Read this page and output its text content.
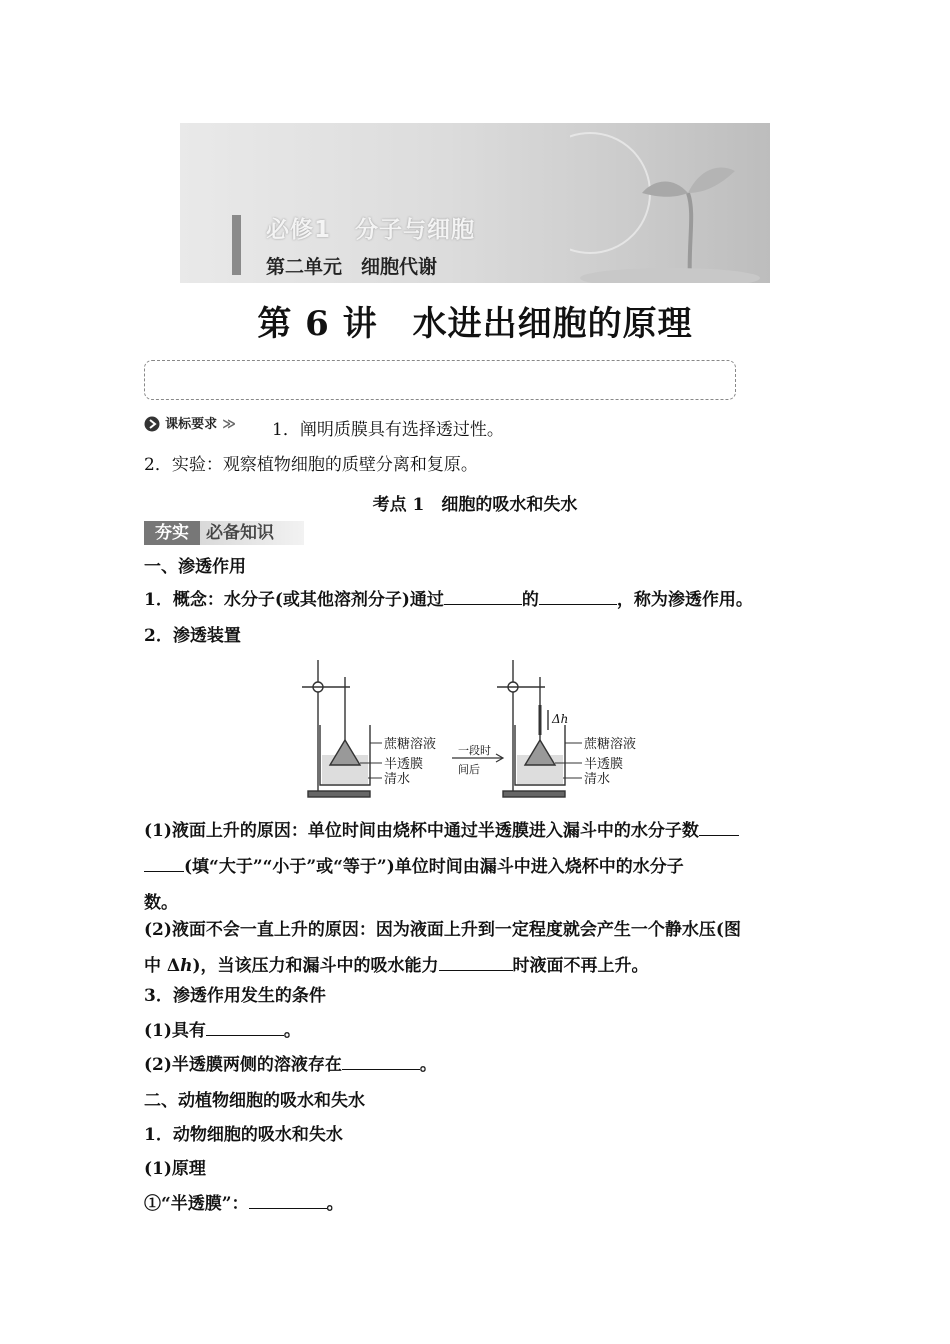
必修1　分子与细胞
第二单元　细胞代谢
第 6 讲　水进出细胞的原理
课标要求 ≫ 1．阐明质膜具有选择透过性。
2．实验：观察植物细胞的质壁分离和复原。
考点 1　细胞的吸水和失水
夯实	必备知识
一、渗透作用
1．概念：水分子(或其他溶剂分子)通过	的	，称为渗透作用。
2．渗透装置
蔗糖溶液
半透膜
清水
一段时
间后
Δh
蔗糖溶液
半透膜
清水
(1)液面上升的原因：单位时间由烧杯中通过半透膜进入漏斗中的水分子数
(填“大于”“小于”或“等于”)单位时间由漏斗中进入烧杯中的水分子
数。
(2)液面不会一直上升的原因：因为液面上升到一定程度就会产生一个静水压(图
中 Δh)，当该压力和漏斗中的吸水能力	时液面不再上升。
3．渗透作用发生的条件
(1)具有	。
(2)半透膜两侧的溶液存在	。
二、动植物细胞的吸水和失水
1．动物细胞的吸水和失水
(1)原理
①“半透膜”：	。
